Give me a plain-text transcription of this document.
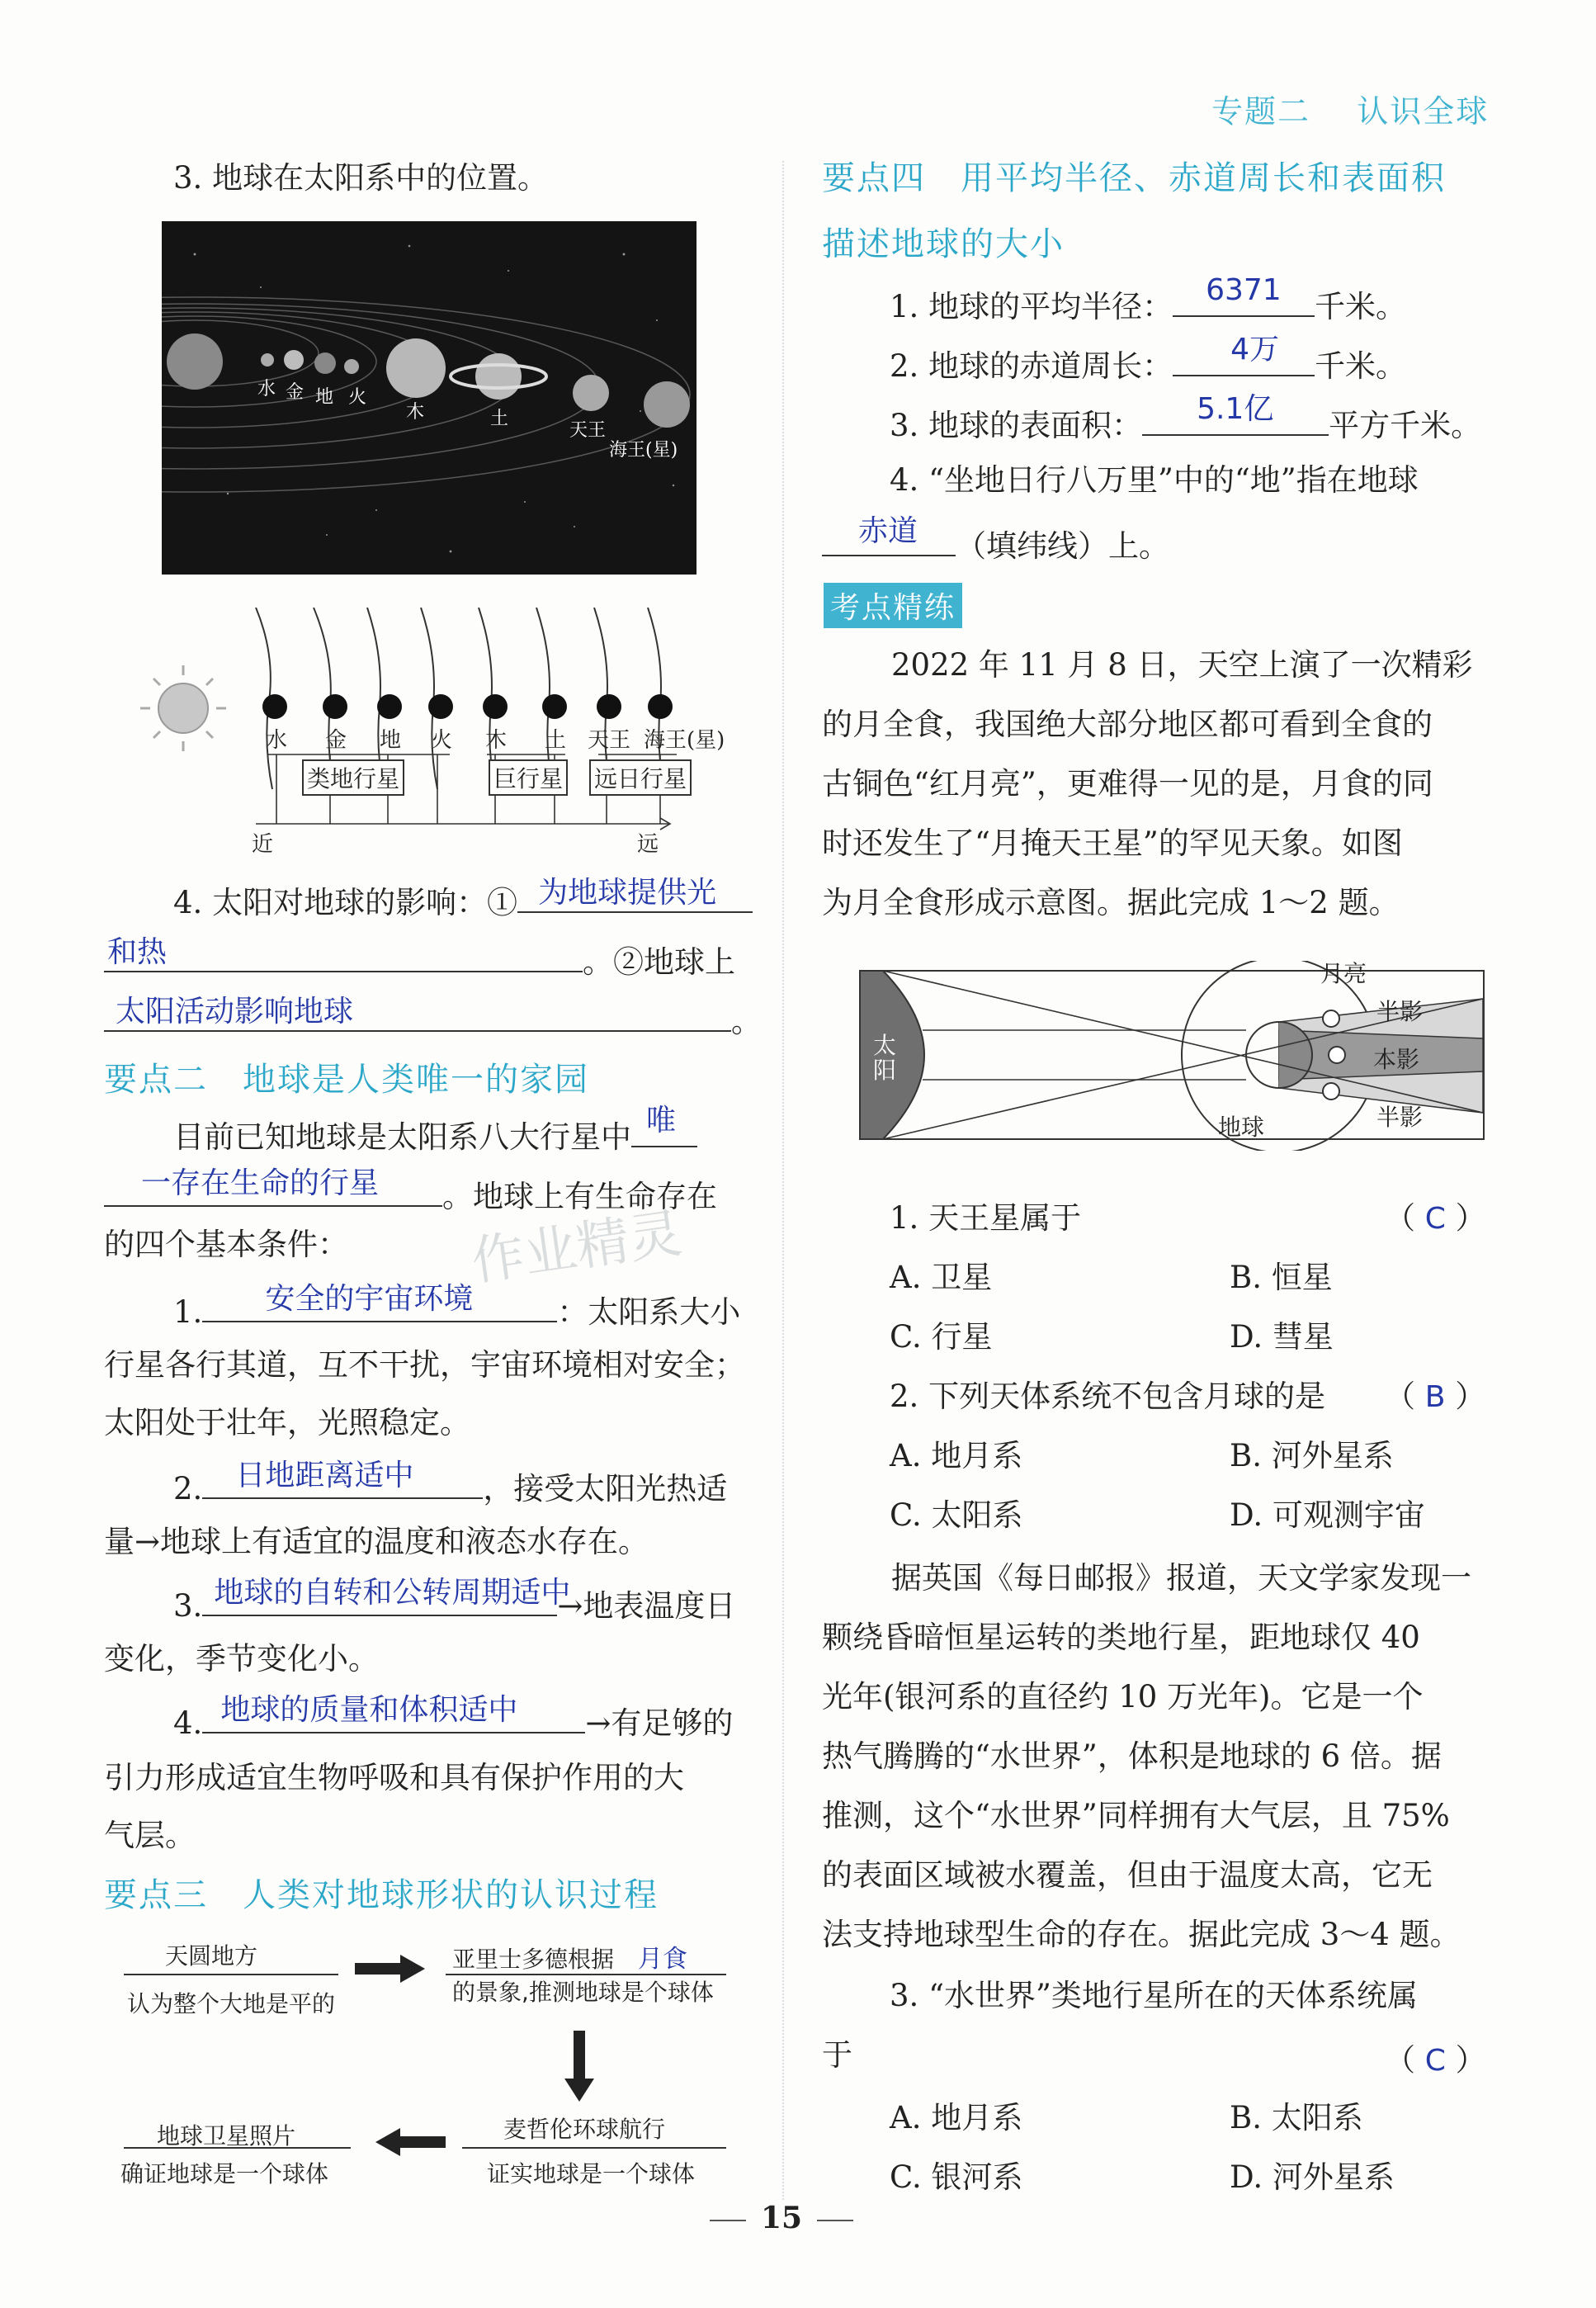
专题二 认识全球
3. 地球在太阳系中的位置。
水 金 地 火
木	土
天王
海王(星)
水 金 地 火 木 土 天王 海王(星)
类地行星	巨行星 远日行星
近	远
4. 太阳对地球的影响：① 为地球提供光
和热	。②地球上
太阳活动影响地球	。
要点二　地球是人类唯一的家园
目前已知地球是太阳系八大行星中 唯
一存在生命的行星 。地球上有生命存在
的四个基本条件： 作业精灵
1. 安全的宇宙环境	：太阳系大小
行星各行其道，互不干扰，宇宙环境相对安全；
太阳处于壮年，光照稳定。
2. 日地距离适中 ，接受太阳光热适
量→地球上有适宜的温度和液态水存在。
3. 地球的自转和公转周期适中
→地表温度日
变化，季节变化小。
4. 地球的质量和体积适中 →有足够的
引力形成适宜生物呼吸和具有保护作用的大
气层。
要点三　人类对地球形状的认识过程
天圆地方
认为整个大地是平的
亚里士多德根据 月食
的景象,推测地球是个球体
麦哲伦环球航行
证实地球是一个球体
地球卫星照片
确证地球是一个球体
要点四　用平均半径、赤道周长和表面积
描述地球的大小
1. 地球的平均半径： 6371 千米。
2. 地球的赤道周长： 4万 千米。
3. 地球的表面积： 5.1亿 平方千米。
4. “坐地日行八万里”中的“地”指在地球
赤道 （填纬线）上。
考点精练
2022 年 11 月 8 日，天空上演了一次精彩
的月全食，我国绝大部分地区都可看到全食的
古铜色“红月亮”，更难得一见的是，月食的同
时还发生了“月掩天王星”的罕见天象。如图
为月全食形成示意图。据此完成 1～2 题。
太阳
地球
月亮
半影
本影
半影
1. 天王星属于	（ C ）
A. 卫星	B. 恒星
C. 行星	D. 彗星
2. 下列天体系统不包含月球的是 （ B ）
A. 地月系	B. 河外星系
C. 太阳系	D. 可观测宇宙
据英国《每日邮报》报道，天文学家发现一
颗绕昏暗恒星运转的类地行星，距地球仅 40
光年(银河系的直径约 10 万光年)。它是一个
热气腾腾的“水世界”，体积是地球的 6 倍。据
推测，这个“水世界”同样拥有大气层，且 75%
的表面区域被水覆盖，但由于温度太高，它无
法支持地球型生命的存在。据此完成 3～4 题。
3. “水世界”类地行星所在的天体系统属
于	（ C ）
A. 地月系	B. 太阳系
C. 银河系	D. 河外星系
15
